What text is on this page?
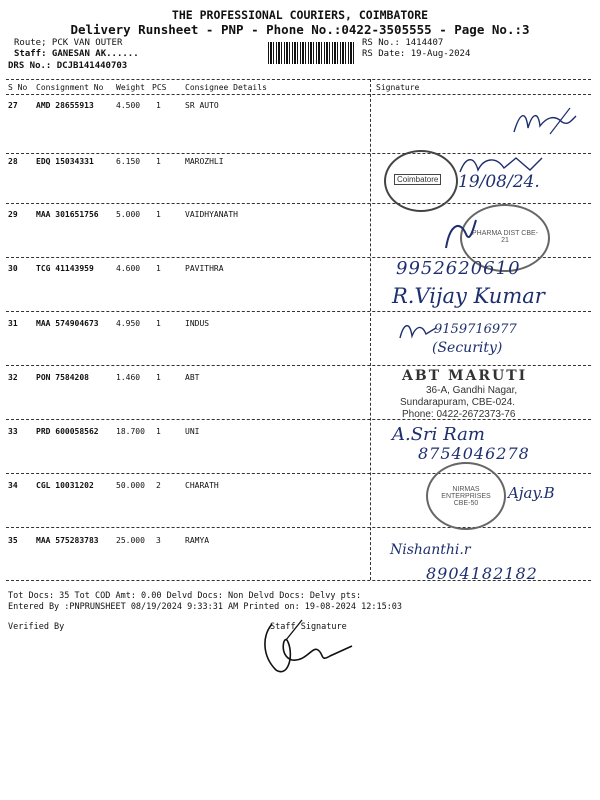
THE PROFESSIONAL COURIERS, COIMBATORE
Delivery Runsheet - PNP - Phone No.:0422-3505555 - Page No.:3
Route; PCK VAN OUTER
Staff: GANESAN AK......
DRS No.: DCJB141440703
RS No.: 1414407
RS Date: 19-Aug-2024
S No Consignment No Weight PCS Consignee Details	Signature
27 AMD 28655913	4.500 1	SR AUTO
28 EDQ 15034331	6.150 1	MAROZHLI
29 MAA 301651756 5.000 1	VAIDHYANATH
30 TCG 41143959	4.600 1	PAVITHRA
31 MAA 574904673 4.950 1	INDUS
32 PON 7584208	1.460 1	ABT
33 PRD 600058562 18.700 1	UNI
34 CGL 10031202	50.000 2	CHARATH
35 MAA 575283783 25.000 3	RAMYA
Coimbatore 19/08/24.
PHARMA DIST CBE-21
9952620610
R.Vijay Kumar
9159716977
(Security)
ABT MARUTI
36-A, Gandhi Nagar,
Sundarapuram, CBE-024.
Phone: 0422-2672373-76
A.Sri Ram
8754046278
NIRMAS ENTERPRISES CBE-50
Ajay.B
Nishanthi.r
8904182182
Tot Docs: 35 Tot COD Amt: 0.00 Delvd Docs: Non Delvd Docs: Delvy pts:
Entered By :PNPRUNSHEET 08/19/2024 9:33:31 AM Printed on: 19-08-2024 12:15:03
Verified By	Staff Signature
